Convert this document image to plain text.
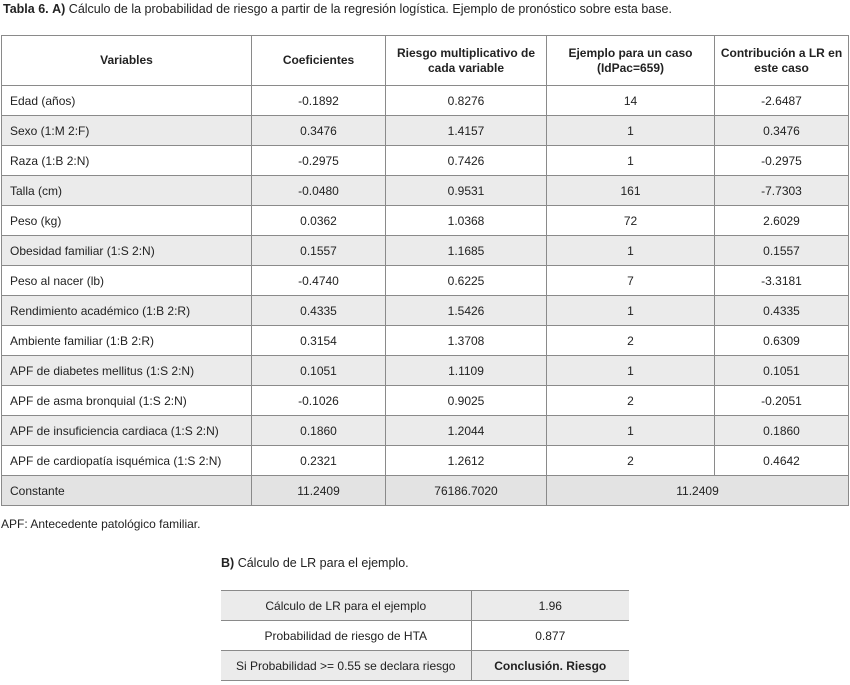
Tabla 6. A) Cálculo de la probabilidad de riesgo a partir de la regresión logística. Ejemplo de pronóstico sobre esta base.
Variables	Coeficientes	Riesgo multiplicativo de cada variable	Ejemplo para un caso (IdPac=659)	Contribución a LR en este caso
Edad (años)	-0.1892	0.8276	14	-2.6487
Sexo (1:M 2:F)	0.3476	1.4157	1	0.3476
Raza (1:B 2:N)	-0.2975	0.7426	1	-0.2975
Talla (cm)	-0.0480	0.9531	161	-7.7303
Peso (kg)	0.0362	1.0368	72	2.6029
Obesidad familiar (1:S 2:N)	0.1557	1.1685	1	0.1557
Peso al nacer (lb)	-0.4740	0.6225	7	-3.3181
Rendimiento académico (1:B 2:R)	0.4335	1.5426	1	0.4335
Ambiente familiar (1:B 2:R)	0.3154	1.3708	2	0.6309
APF de diabetes mellitus (1:S 2:N)	0.1051	1.1109	1	0.1051
APF de asma bronquial (1:S 2:N)	-0.1026	0.9025	2	-0.2051
APF de insuficiencia cardiaca (1:S 2:N)	0.1860	1.2044	1	0.1860
APF de cardiopatía isquémica (1:S 2:N)	0.2321	1.2612	2	0.4642
Constante	11.2409	76186.7020	11.2409	
APF: Antecedente patológico familiar.
B) Cálculo de LR para el ejemplo.
Cálculo de LR para el ejemplo	1.96
Probabilidad de riesgo de HTA	0.877
Si Probabilidad >= 0.55 se declara riesgo	Conclusión. Riesgo
